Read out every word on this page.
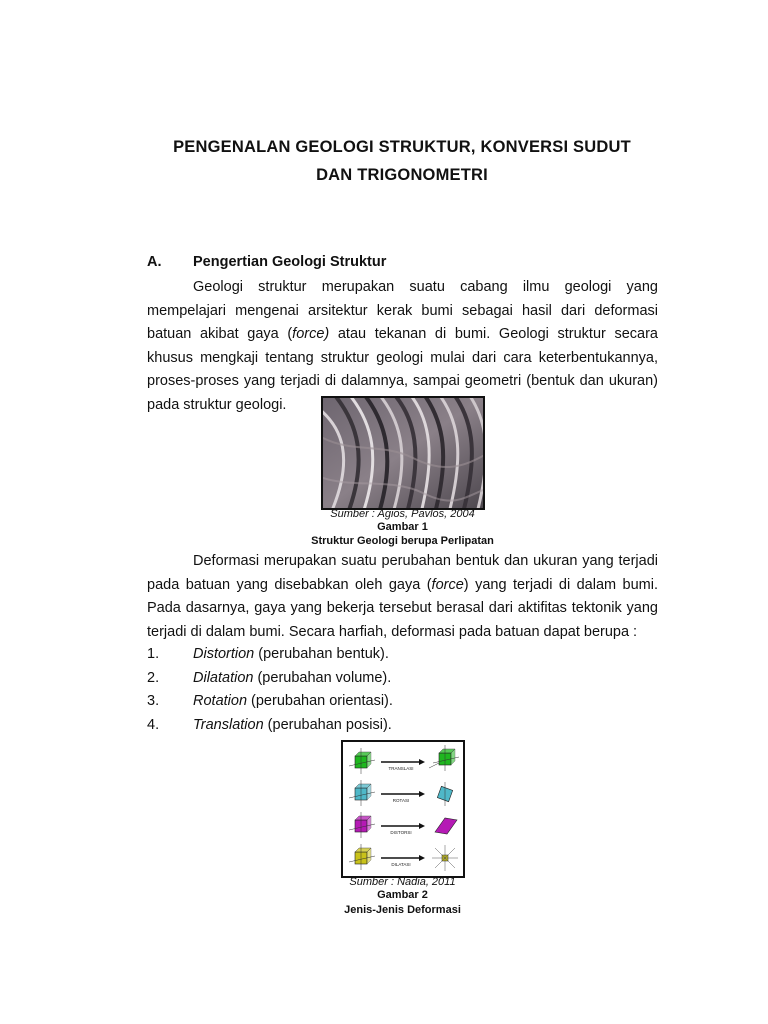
PENGENALAN GEOLOGI STRUKTUR, KONVERSI SUDUT
DAN TRIGONOMETRI
A. Pengertian Geologi Struktur

Geologi struktur merupakan suatu cabang ilmu geologi yang mempelajari mengenai arsitektur kerak bumi sebagai hasil dari deformasi batuan akibat gaya (force) atau tekanan di bumi. Geologi struktur secara khusus mengkaji tentang struktur geologi mulai dari cara keterbentukannya, proses-proses yang terjadi di dalamnya, sampai geometri (bentuk dan ukuran) pada struktur geologi.

Sumber : Agios, Pavlos, 2004
Gambar 1
Struktur Geologi berupa Perlipatan

Deformasi merupakan suatu perubahan bentuk dan ukuran yang terjadi pada batuan yang disebabkan oleh gaya (force) yang terjadi di dalam bumi. Pada dasarnya, gaya yang bekerja tersebut berasal dari aktifitas tektonik yang terjadi di dalam bumi. Secara harfiah, deformasi pada batuan dapat berupa :

1. Distortion (perubahan bentuk).
2. Dilatation (perubahan volume).
3. Rotation (perubahan orientasi).
4. Translation (perubahan posisi).
TRANSLASI
ROTASI
DISTORSI
DILATASI
Sumber : Nadia, 2011
Gambar 2
Jenis-Jenis Deformasi
